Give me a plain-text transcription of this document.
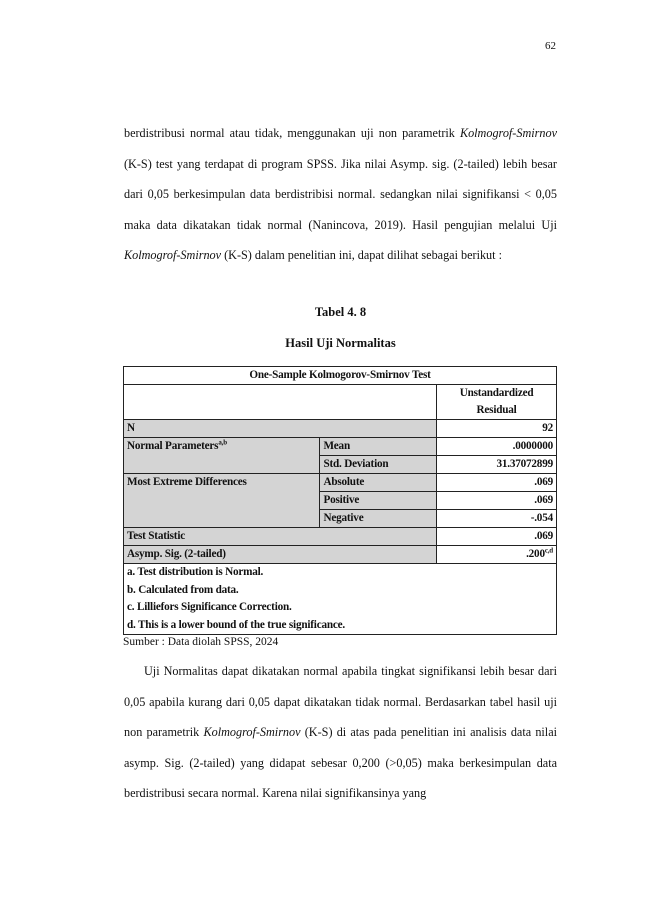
62

berdistribusi normal atau tidak, menggunakan uji non parametrik Kolmogrof-Smirnov (K-S) test yang terdapat di program SPSS. Jika nilai Asymp. sig. (2-tailed) lebih besar dari 0,05 berkesimpulan data berdistribisi normal. sedangkan nilai signifikansi < 0,05 maka data dikatakan tidak normal (Nanincova, 2019). Hasil pengujian melalui Uji Kolmogrof-Smirnov (K-S) dalam penelitian ini, dapat dilihat sebagai berikut :

Tabel 4. 8
Hasil Uji Normalitas
One-Sample Kolmogorov-Smirnov Test		
		Unstandardized
Residual
N		92
Normal Parameters$^{a,b}$	Mean	.0000000
	Std. Deviation	31.37072899
Most Extreme Differences	Absolute	.069
	Positive	.069
	Negative	-.054
Test Statistic		.069
Asymp. Sig. (2-tailed)		.200$^{c,d}$

a. Test distribution is Normal.
b. Calculated from data.
c. Lilliefors Significance Correction.
d. This is a lower bound of the true significance.		
Sumber : Data diolah SPSS, 2024

Uji Normalitas dapat dikatakan normal apabila tingkat signifikansi lebih besar dari 0,05 apabila kurang dari 0,05 dapat dikatakan tidak normal. Berdasarkan tabel hasil uji non parametrik Kolmogrof-Smirnov (K-S) di atas pada penelitian ini analisis data nilai asymp. Sig. (2-tailed) yang didapat sebesar 0,200 (>0,05) maka berkesimpulan data berdistribusi secara normal. Karena nilai signifikansinya yang
